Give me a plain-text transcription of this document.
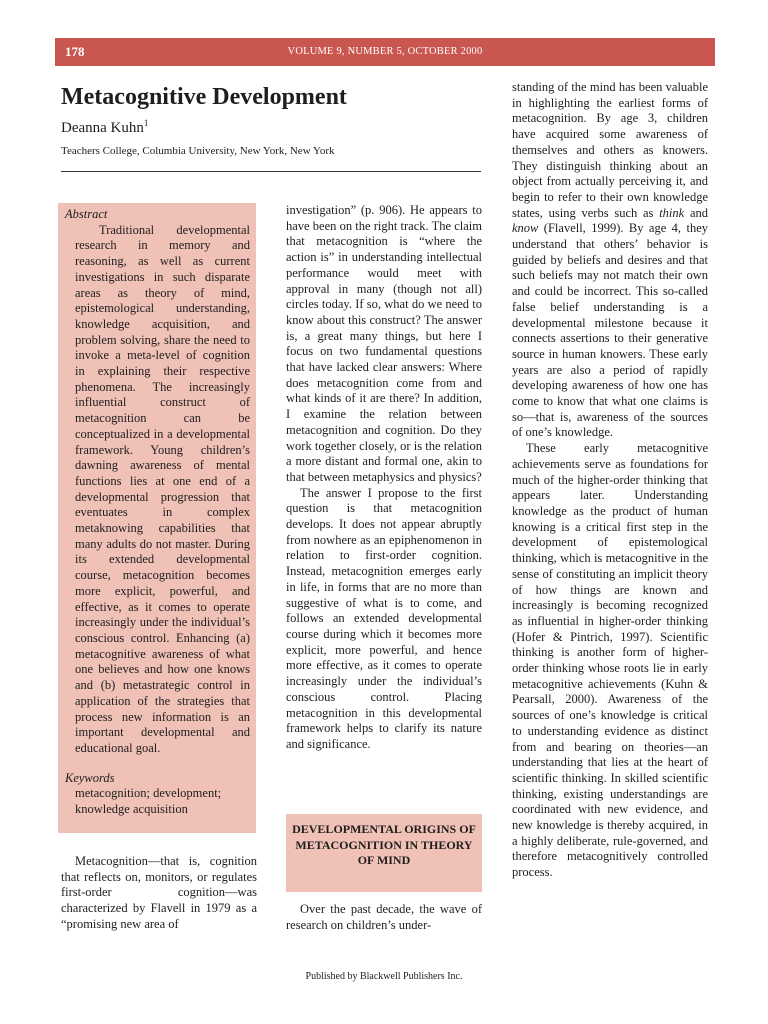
178	VOLUME 9, NUMBER 5, OCTOBER 2000
Metacognitive Development
Deanna Kuhn$^1$
Teachers College, Columbia University, New York, New York
Abstract

Traditional developmental research in memory and reasoning, as well as current investigations in such disparate areas as theory of mind, epistemological understanding, knowledge acquisition, and problem solving, share the need to invoke a meta-level of cognition in explaining their respective phenomena. The increasingly influential construct of metacognition can be conceptualized in a developmental framework. Young children’s dawning awareness of mental functions lies at one end of a developmental progression that eventuates in complex metaknowing capabilities that many adults do not master. During its extended developmental course, metacognition becomes more explicit, powerful, and effective, as it comes to operate increasingly under the individual’s conscious control. Enhancing (a) metacognitive awareness of what one believes and how one knows and (b) metastrategic control in application of the strategies that process new information is an important developmental and educational goal.

Keywords

metacognition; development; knowledge acquisition

Metacognition—that is, cognition that reflects on, monitors, or regulates first-order cognition—was characterized by Flavell in 1979 as a “promising new area of

investigation” (p. 906). He appears to have been on the right track. The claim that metacognition is “where the action is” in understanding intellectual performance would meet with approval in many (though not all) circles today. If so, what do we need to know about this construct? The answer is, a great many things, but here I focus on two fundamental questions that have lacked clear answers: Where does metacognition come from and what kinds of it are there? In addition, I examine the relation between metacognition and cognition. Do they work together closely, or is the relation a more distant and formal one, akin to that between metaphysics and physics?

The answer I propose to the first question is that metacognition develops. It does not appear abruptly from nowhere as an epiphenomenon in relation to first-order cognition. Instead, metacognition emerges early in life, in forms that are no more than suggestive of what is to come, and follows an extended developmental course during which it becomes more explicit, more powerful, and hence more effective, as it comes to operate increasingly under the individual’s conscious control. Placing metacognition in this developmental framework helps to clarify its nature and significance.

DEVELOPMENTAL ORIGINS OF METACOGNITION IN THEORY OF MIND

Over the past decade, the wave of research on children’s under-

standing of the mind has been valuable in highlighting the earliest forms of metacognition. By age 3, children have acquired some awareness of themselves and others as knowers. They distinguish thinking about an object from actually perceiving it, and begin to refer to their own knowledge states, using verbs such as think and know (Flavell, 1999). By age 4, they understand that others’ behavior is guided by beliefs and desires and that such beliefs may not match their own and could be incorrect. This so-called false belief understanding is a developmental milestone because it connects assertions to their generative source in human knowers. These early years are also a period of rapidly developing awareness of how one has come to know that what one claims is so—that is, awareness of the sources of one’s knowledge.

These early metacognitive achievements serve as foundations for much of the higher-order thinking that appears later. Understanding knowledge as the product of human knowing is a critical first step in the development of epistemological thinking, which is metacognitive in the sense of constituting an implicit theory of how things are known and increasingly is becoming recognized as influential in higher-order thinking (Hofer & Pintrich, 1997). Scientific thinking is another form of higher-order thinking whose roots lie in early metacognitive achievements (Kuhn & Pearsall, 2000). Awareness of the sources of one’s knowledge is critical to understanding evidence as distinct from and bearing on theories—an understanding that lies at the heart of scientific thinking. In skilled scientific thinking, existing understandings are coordinated with new evidence, and new knowledge is thereby acquired, in a highly deliberate, rule-governed, and therefore metacognitively controlled process.

Published by Blackwell Publishers Inc.
